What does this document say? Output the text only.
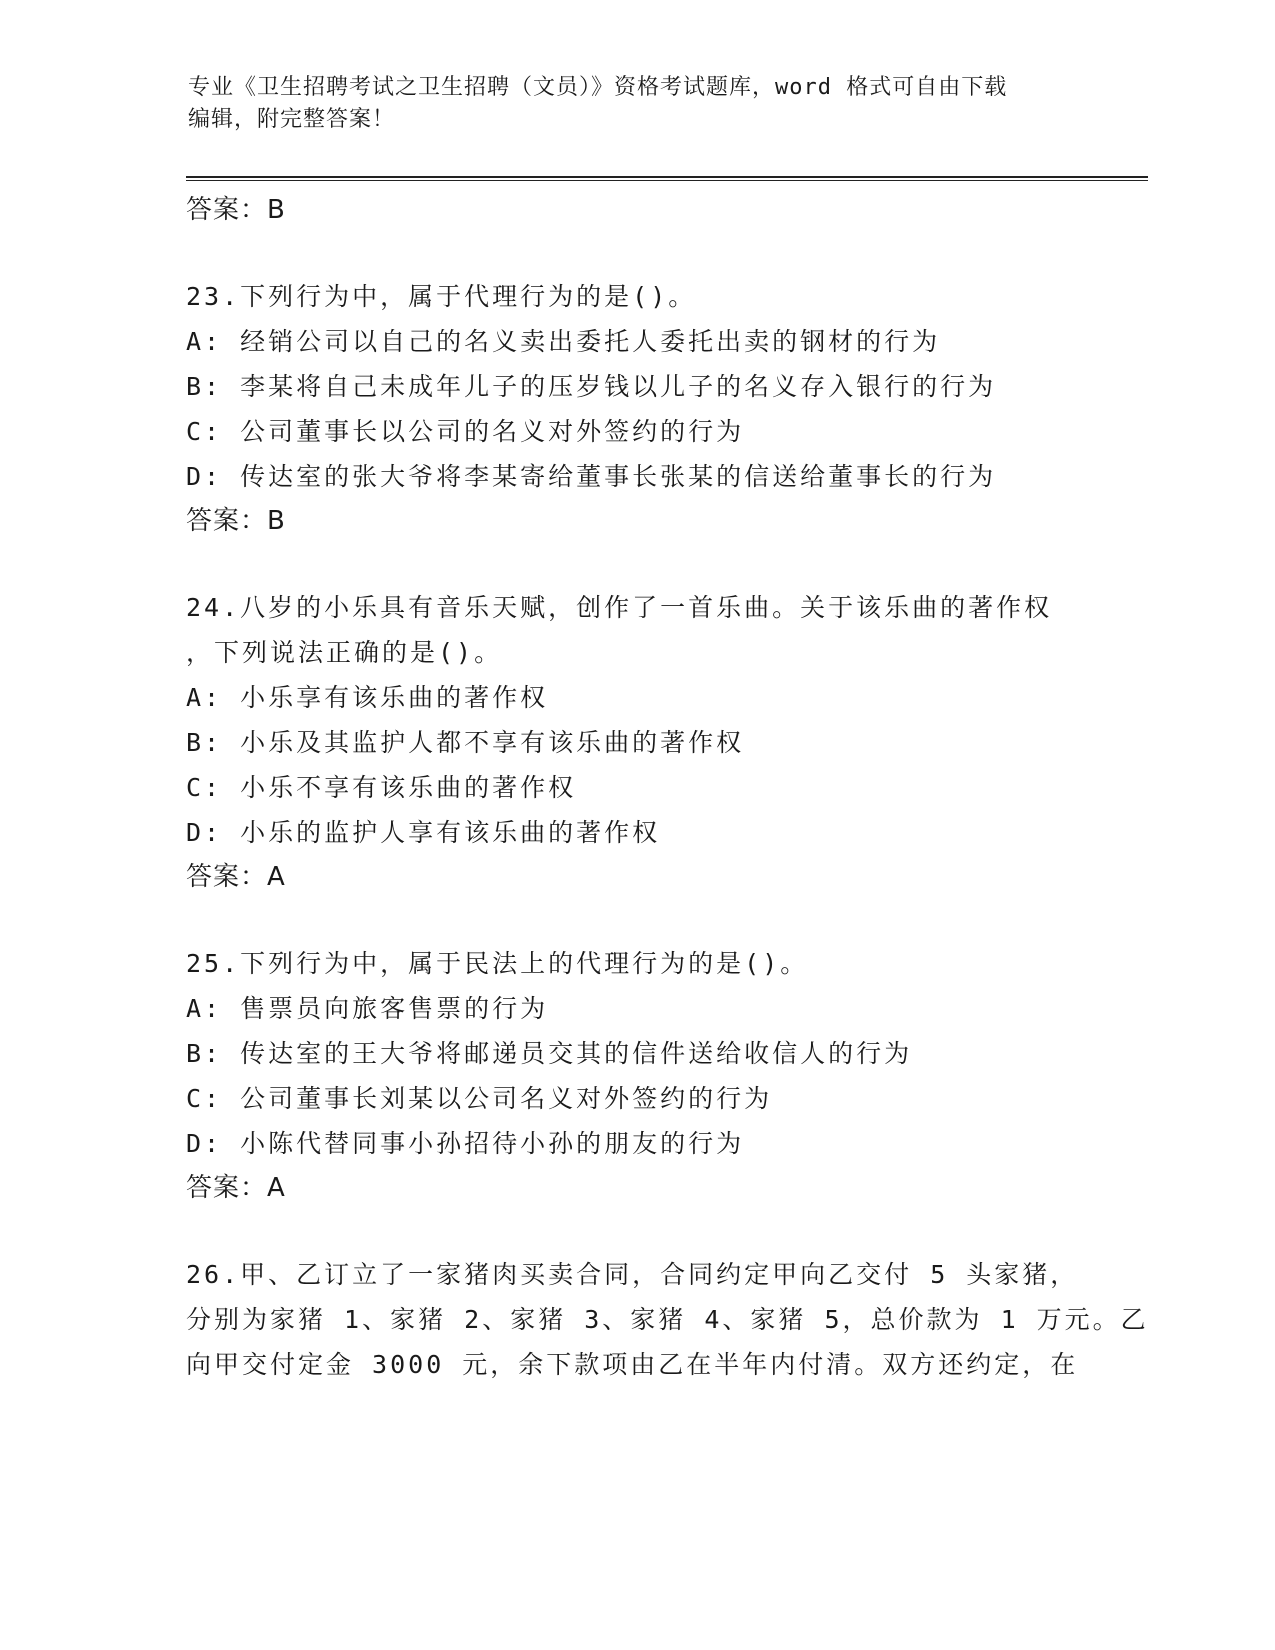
专业《卫生招聘考试之卫生招聘（文员）》资格考试题库，word 格式可自由下载
编辑，附完整答案！
答案：B
23.下列行为中，属于代理行为的是()。
A: 经销公司以自己的名义卖出委托人委托出卖的钢材的行为
B: 李某将自己未成年儿子的压岁钱以儿子的名义存入银行的行为
C: 公司董事长以公司的名义对外签约的行为
D: 传达室的张大爷将李某寄给董事长张某的信送给董事长的行为
答案：B
24.八岁的小乐具有音乐天赋，创作了一首乐曲。关于该乐曲的著作权
，下列说法正确的是()。
A: 小乐享有该乐曲的著作权
B: 小乐及其监护人都不享有该乐曲的著作权
C: 小乐不享有该乐曲的著作权
D: 小乐的监护人享有该乐曲的著作权
答案：A
25.下列行为中，属于民法上的代理行为的是()。
A: 售票员向旅客售票的行为
B: 传达室的王大爷将邮递员交其的信件送给收信人的行为
C: 公司董事长刘某以公司名义对外签约的行为
D: 小陈代替同事小孙招待小孙的朋友的行为
答案：A
26.甲、乙订立了一家猪肉买卖合同，合同约定甲向乙交付 5 头家猪，
分别为家猪 1、家猪 2、家猪 3、家猪 4、家猪 5，总价款为 1 万元。乙
向甲交付定金 3000 元，余下款项由乙在半年内付清。双方还约定，在
